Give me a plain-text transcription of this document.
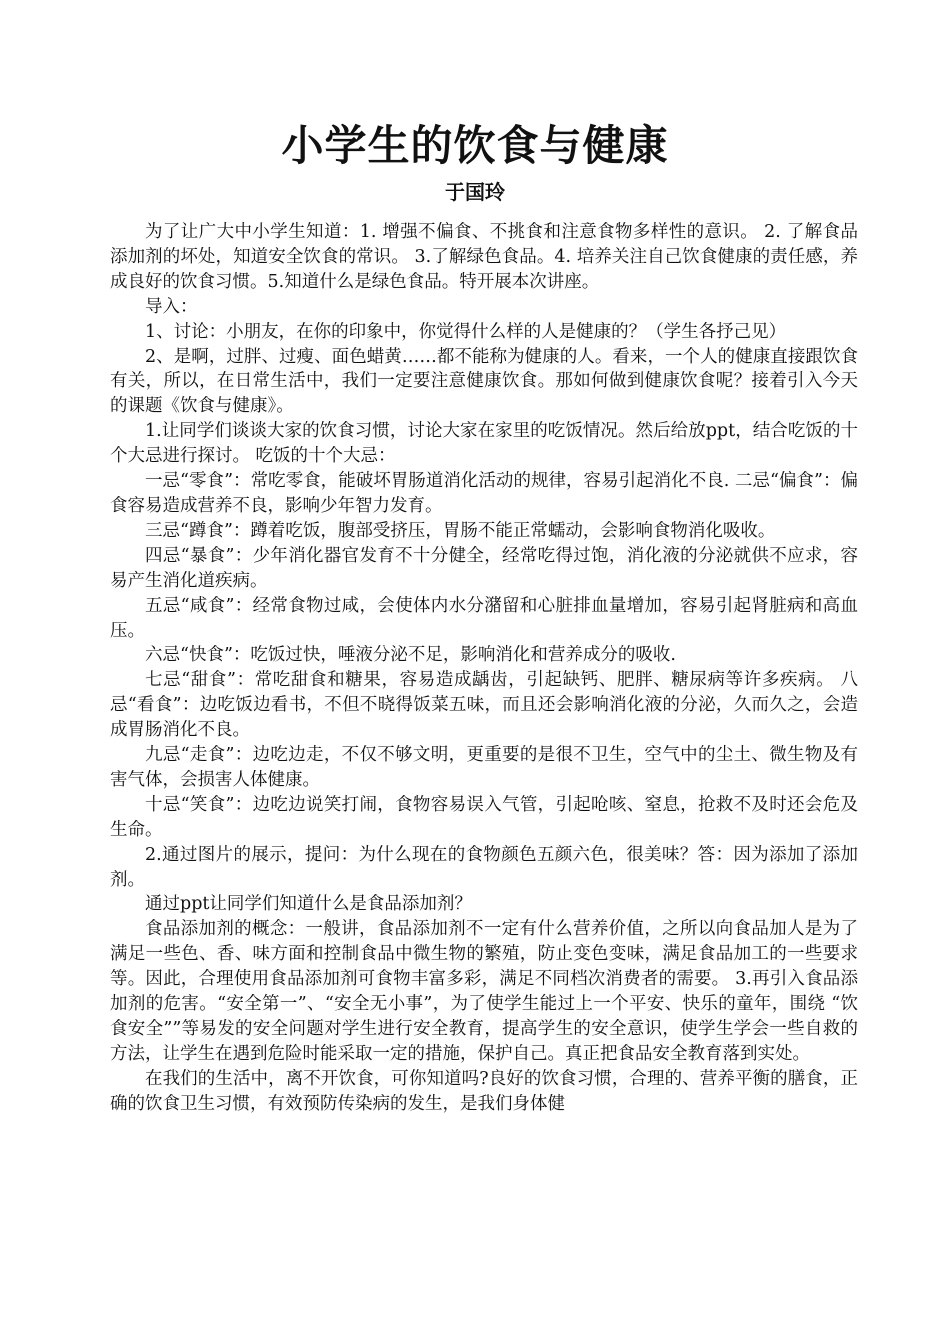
小学生的饮食与健康
于国玲

为了让广大中小学生知道：1. 增强不偏食、不挑食和注意食物多样性的意识。 2. 了解食品添加剂的坏处，知道安全饮食的常识。 3.了解绿色食品。4. 培养关注自己饮食健康的责任感，养成良好的饮食习惯。5.知道什么是绿色食品。特开展本次讲座。

导入：

1、讨论：小朋友，在你的印象中，你觉得什么样的人是健康的？（学生各抒己见）

2、是啊，过胖、过瘦、面色蜡黄……都不能称为健康的人。看来，一个人的健康直接跟饮食有关，所以，在日常生活中，我们一定要注意健康饮食。那如何做到健康饮食呢？接着引入今天的课题《饮食与健康》。

1.让同学们谈谈大家的饮食习惯，讨论大家在家里的吃饭情况。然后给放ppt，结合吃饭的十个大忌进行探讨。 吃饭的十个大忌：

一忌“零食”：常吃零食，能破坏胃肠道消化活动的规律，容易引起消化不良. 二忌“偏食”：偏食容易造成营养不良，影响少年智力发育。

三忌“蹲食”：蹲着吃饭，腹部受挤压，胃肠不能正常蠕动，会影响食物消化吸收。

四忌“暴食”：少年消化器官发育不十分健全，经常吃得过饱，消化液的分泌就供不应求，容易产生消化道疾病。

五忌“咸食”：经常食物过咸，会使体内水分潴留和心脏排血量增加，容易引起肾脏病和高血压。

六忌“快食”：吃饭过快，唾液分泌不足，影响消化和营养成分的吸收.

七忌“甜食”：常吃甜食和糖果，容易造成龋齿，引起缺钙、肥胖、糖尿病等许多疾病。 八忌“看食”：边吃饭边看书，不但不晓得饭菜五味，而且还会影响消化液的分泌，久而久之，会造成胃肠消化不良。

九忌“走食”：边吃边走，不仅不够文明，更重要的是很不卫生，空气中的尘土、微生物及有害气体，会损害人体健康。

十忌“笑食”：边吃边说笑打闹，食物容易误入气管，引起呛咳、窒息，抢救不及时还会危及生命。

2.通过图片的展示，提问：为什么现在的食物颜色五颜六色，很美味？答：因为添加了添加剂。

通过ppt让同学们知道什么是食品添加剂？

食品添加剂的概念：一般讲，食品添加剂不一定有什么营养价值，之所以向食品加人是为了满足一些色、香、味方面和控制食品中微生物的繁殖，防止变色变味，满足食品加工的一些要求等。因此，合理使用食品添加剂可食物丰富多彩，满足不同档次消费者的需要。 3.再引入食品添加剂的危害。“安全第一”、“安全无小事”，为了使学生能过上一个平安、快乐的童年，围绕 “饮食安全””等易发的安全问题对学生进行安全教育，提高学生的安全意识，使学生学会一些自救的方法，让学生在遇到危险时能采取一定的措施，保护自己。真正把食品安全教育落到实处。

在我们的生活中，离不开饮食，可你知道吗?良好的饮食习惯，合理的、营养平衡的膳食，正确的饮食卫生习惯，有效预防传染病的发生，是我们身体健
